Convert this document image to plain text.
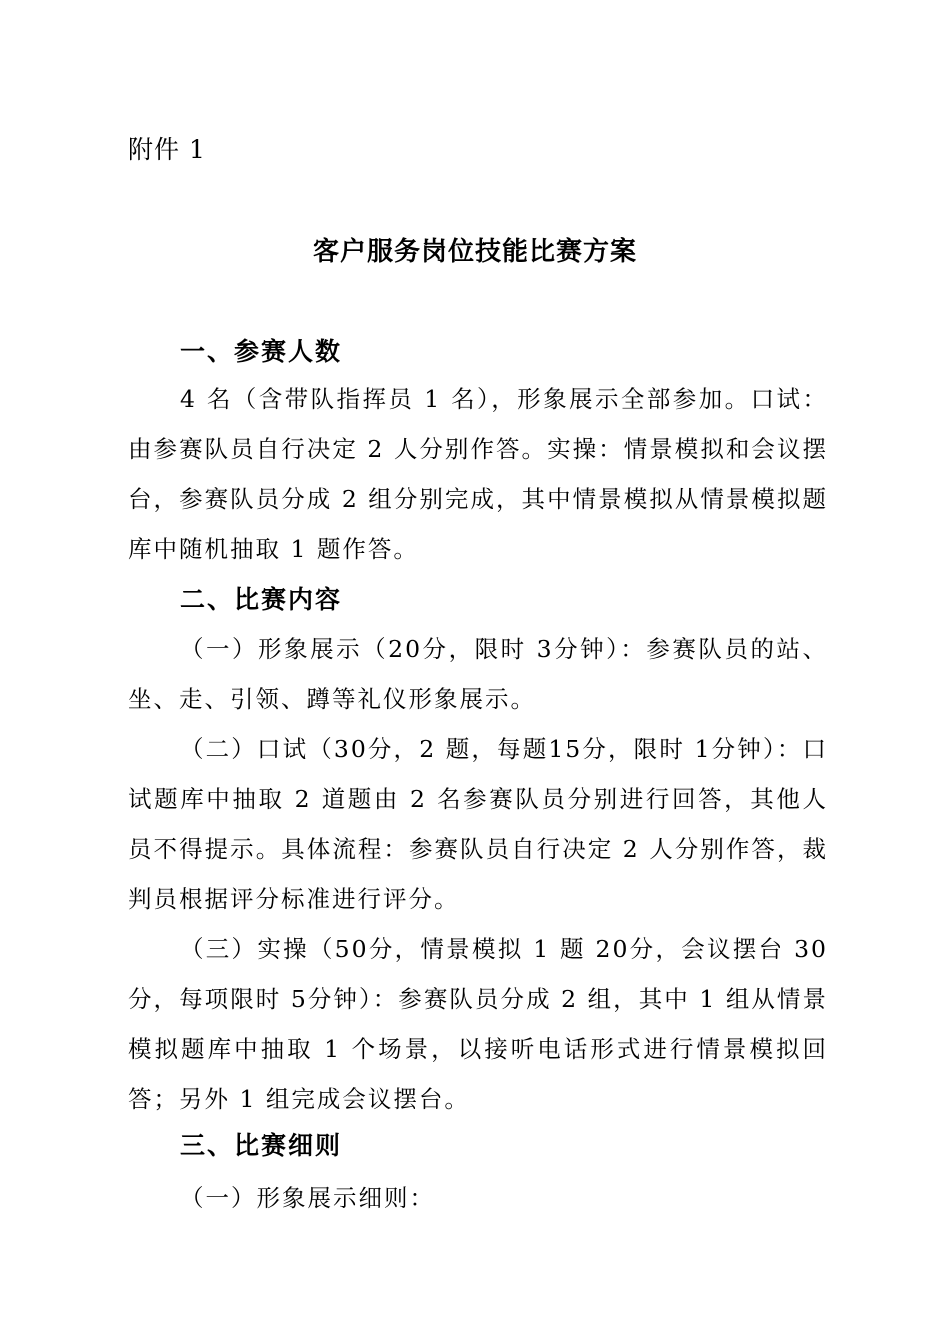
附件 1
客户服务岗位技能比赛方案
一、参赛人数

4 名（含带队指挥员 1 名），形象展示全部参加。口试：由参赛队员自行决定 2 人分别作答。实操：情景模拟和会议摆台，参赛队员分成 2 组分别完成，其中情景模拟从情景模拟题库中随机抽取 1 题作答。

二、比赛内容

（一）形象展示（20分，限时 3分钟）：参赛队员的站、坐、走、引领、蹲等礼仪形象展示。

（二）口试（30分，2 题，每题15分，限时 1分钟）：口试题库中抽取 2 道题由 2 名参赛队员分别进行回答，其他人员不得提示。具体流程：参赛队员自行决定 2 人分别作答，裁判员根据评分标准进行评分。

（三）实操（50分，情景模拟 1 题 20分，会议摆台 30分，每项限时 5分钟）：参赛队员分成 2 组，其中 1 组从情景模拟题库中抽取 1 个场景，以接听电话形式进行情景模拟回答；另外 1 组完成会议摆台。

三、比赛细则
（一）形象展示细则：
